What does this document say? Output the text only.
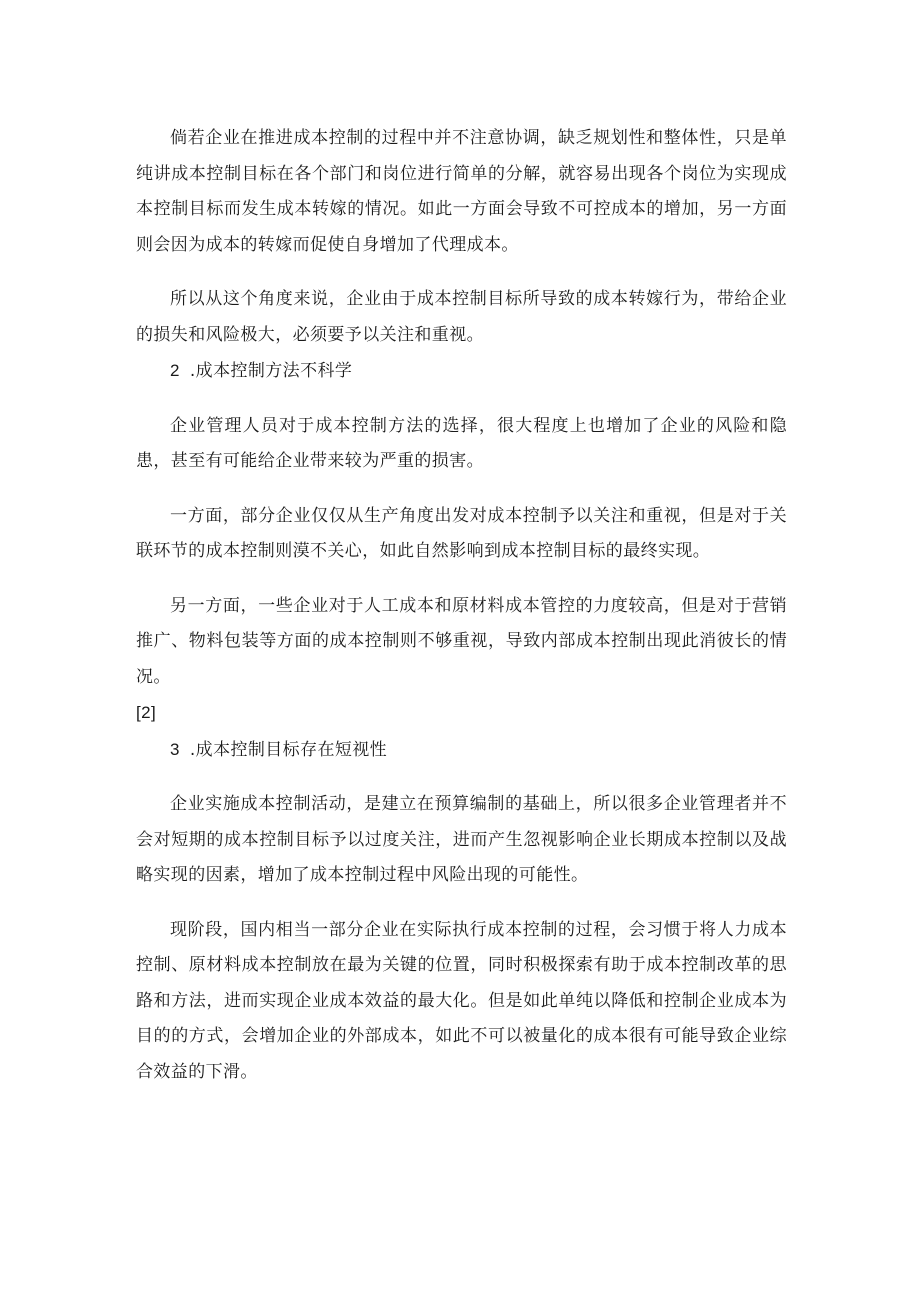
倘若企业在推进成本控制的过程中并不注意协调，缺乏规划性和整体性，只是单纯讲成本控制目标在各个部门和岗位进行简单的分解，就容易出现各个岗位为实现成本控制目标而发生成本转嫁的情况。如此一方面会导致不可控成本的增加，另一方面则会因为成本的转嫁而促使自身增加了代理成本。

所以从这个角度来说，企业由于成本控制目标所导致的成本转嫁行为，带给企业的损失和风险极大，必须要予以关注和重视。

2 .成本控制方法不科学

企业管理人员对于成本控制方法的选择，很大程度上也增加了企业的风险和隐患，甚至有可能给企业带来较为严重的损害。

一方面，部分企业仅仅从生产角度出发对成本控制予以关注和重视，但是对于关联环节的成本控制则漠不关心，如此自然影响到成本控制目标的最终实现。

另一方面，一些企业对于人工成本和原材料成本管控的力度较高，但是对于营销推广、物料包装等方面的成本控制则不够重视，导致内部成本控制出现此消彼长的情况。
[2]

3 .成本控制目标存在短视性

企业实施成本控制活动，是建立在预算编制的基础上，所以很多企业管理者并不会对短期的成本控制目标予以过度关注，进而产生忽视影响企业长期成本控制以及战略实现的因素，增加了成本控制过程中风险出现的可能性。

现阶段，国内相当一部分企业在实际执行成本控制的过程，会习惯于将人力成本控制、原材料成本控制放在最为关键的位置，同时积极探索有助于成本控制改革的思路和方法，进而实现企业成本效益的最大化。但是如此单纯以降低和控制企业成本为目的的方式，会增加企业的外部成本，如此不可以被量化的成本很有可能导致企业综合效益的下滑。
